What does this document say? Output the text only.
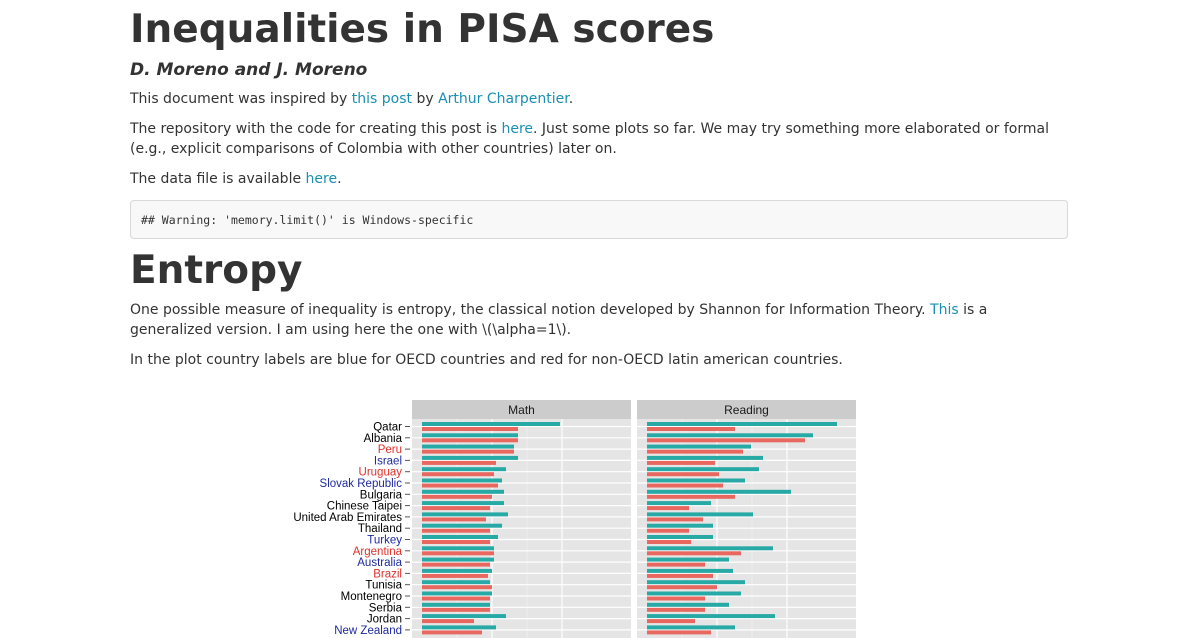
Inequalities in PISA scores
D. Moreno and J. Moreno

This document was inspired by this post by Arthur Charpentier.

The repository with the code for creating this post is here. Just some plots so far. We may try something more elaborated or formal (e.g., explicit comparisons of Colombia with other countries) later on.

The data file is available here.

## Warning: 'memory.limit()' is Windows-specific
Entropy

One possible measure of inequality is entropy, the classical notion developed by Shannon for Information Theory. This is a generalized version. I am using here the one with \(\alpha=1\).

In the plot country labels are blue for OECD countries and red for non-OECD latin american countries.

Math	Reading
Qatar
Albania
Peru
Israel
Uruguay
Slovak Republic
Bulgaria
Chinese Taipei
United Arab Emirates
Thailand
Turkey
Argentina
Australia
Brazil
Tunisia
Montenegro
Serbia
Jordan
New Zealand
